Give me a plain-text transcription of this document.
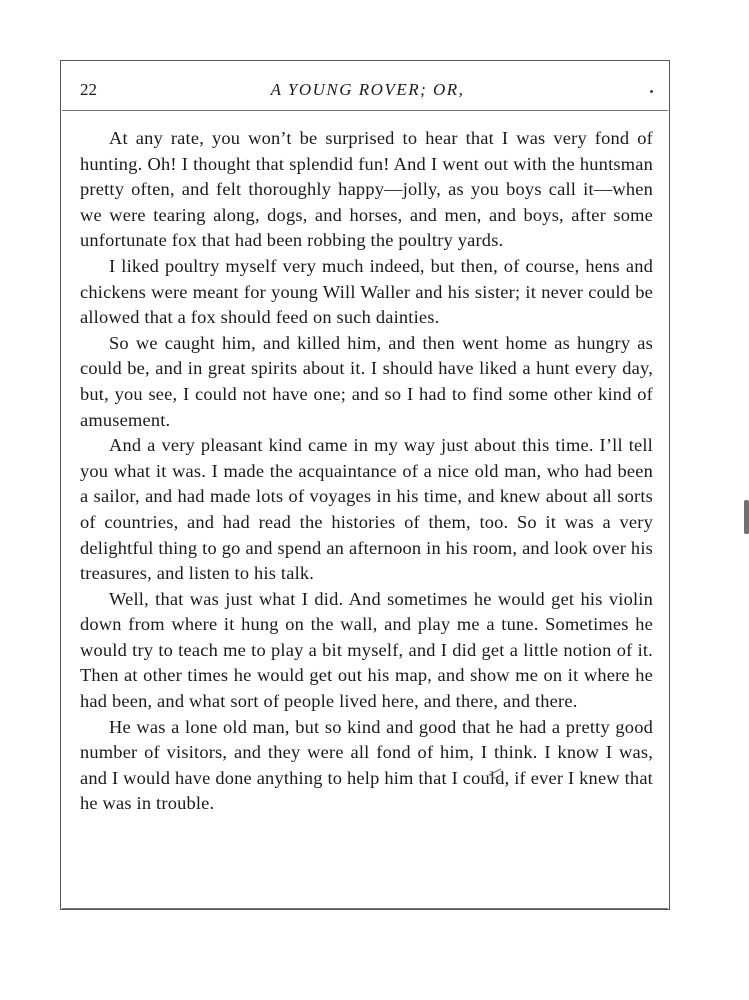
22	A YOUNG ROVER; OR,

At any rate, you won’t be surprised to hear that I was very fond of hunting. Oh! I thought that splendid fun! And I went out with the huntsman pretty often, and felt thoroughly happy—jolly, as you boys call it—when we were tearing along, dogs, and horses, and men, and boys, after some unfortunate fox that had been robbing the poultry yards.

I liked poultry myself very much indeed, but then, of course, hens and chickens were meant for young Will Waller and his sister; it never could be allowed that a fox should feed on such dainties.

So we caught him, and killed him, and then went home as hungry as could be, and in great spirits about it. I should have liked a hunt every day, but, you see, I could not have one; and so I had to find some other kind of amusement.

And a very pleasant kind came in my way just about this time. I’ll tell you what it was. I made the acquaintance of a nice old man, who had been a sailor, and had made lots of voyages in his time, and knew about all sorts of countries, and had read the histories of them, too. So it was a very delightful thing to go and spend an afternoon in his room, and look over his treasures, and listen to his talk.

Well, that was just what I did. And sometimes he would get his violin down from where it hung on the wall, and play me a tune. Sometimes he would try to teach me to play a bit myself, and I did get a little notion of it. Then at other times he would get out his map, and show me on it where he had been, and what sort of people lived here, and there, and there.

He was a lone old man, but so kind and good that he had a pretty good number of visitors, and they were all fond of him, I think. I know I was, and I would have done anything to help him that I could, if ever I knew that he was in trouble.
